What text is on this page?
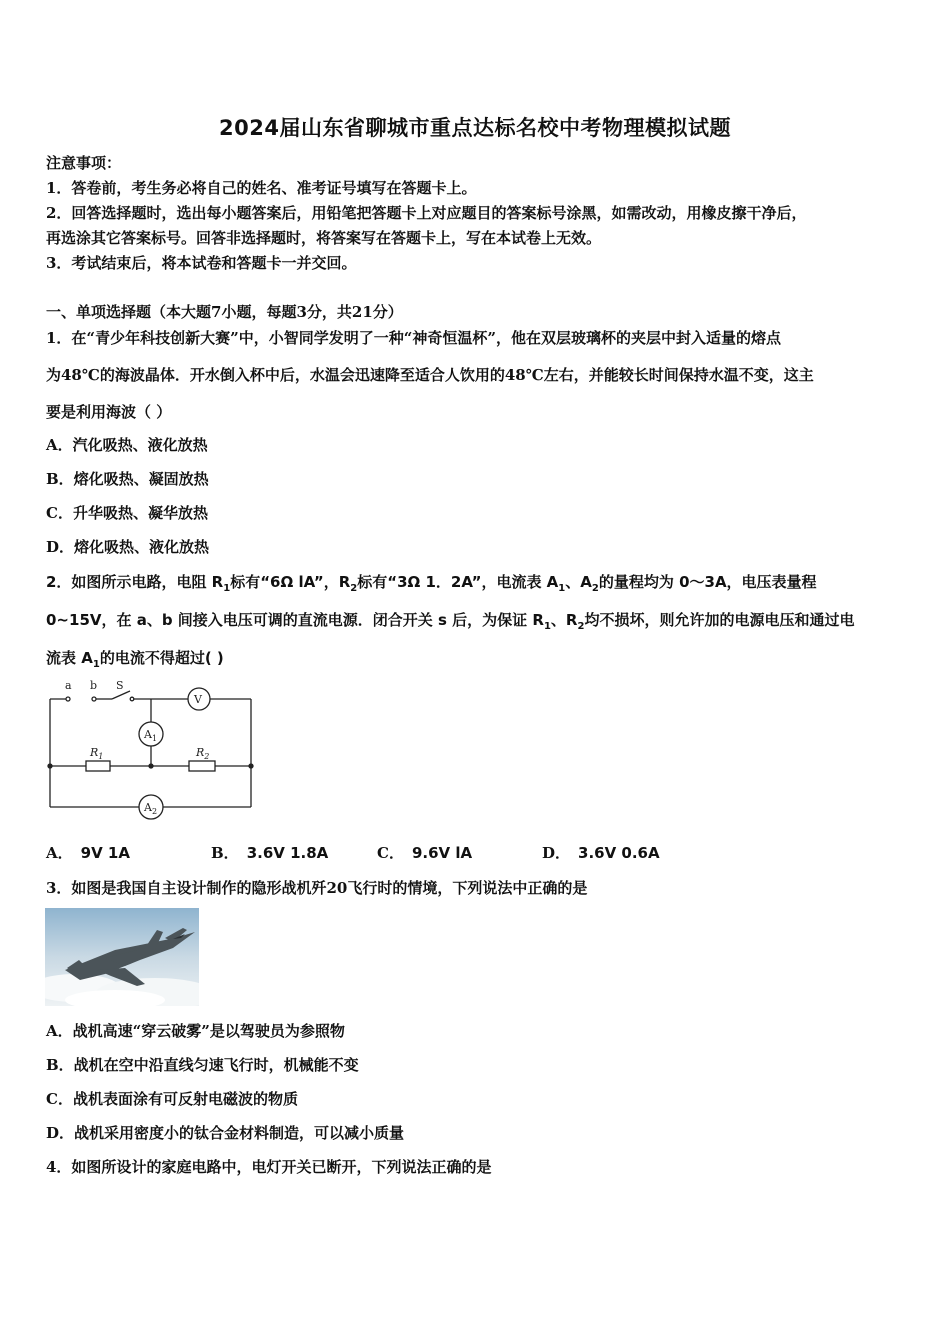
2024届山东省聊城市重点达标名校中考物理模拟试题
注意事项：
1．答卷前，考生务必将自己的姓名、准考证号填写在答题卡上。
2．回答选择题时，选出每小题答案后，用铅笔把答题卡上对应题目的答案标号涂黑，如需改动，用橡皮擦干净后，
再选涂其它答案标号。回答非选择题时，将答案写在答题卡上，写在本试卷上无效。
3．考试结束后，将本试卷和答题卡一并交回。
一、单项选择题（本大题7小题，每题3分，共21分）
1．在“青少年科技创新大赛”中，小智同学发明了一种“神奇恒温杯”，他在双层玻璃杯的夹层中封入适量的熔点
为48℃的海波晶体．开水倒入杯中后，水温会迅速降至适合人饮用的48℃左右，并能较长时间保持水温不变，这主
要是利用海波（ ）
A．汽化吸热、液化放热
B．熔化吸热、凝固放热
C．升华吸热、凝华放热
D．熔化吸热、液化放热
2．如图所示电路，电阻 $R_1$标有“6Ω lA”，$R_2$标有“3Ω 1．2A”，电流表 $A_1$、$A_2$的量程均为 0～3A，电压表量程
0~15V，在 a、b 间接入电压可调的直流电源．闭合开关 s 后，为保证 $R_1$、$R_2$均不损坏，则允许加的电源电压和通过电
流表 $A_1$的电流不得超过( )
a b S
V
$A_1$
$A_2$
$R_1$	$R_2$
A． 9V 1A	B． 3.6V 1.8A	C． 9.6V lA	D． 3.6V 0.6A
3．如图是我国自主设计制作的隐形战机歼20飞行时的情境，下列说法中正确的是
A．战机高速“穿云破雾”是以驾驶员为参照物
B．战机在空中沿直线匀速飞行时，机械能不变
C．战机表面涂有可反射电磁波的物质
D．战机采用密度小的钛合金材料制造，可以减小质量
4．如图所设计的家庭电路中，电灯开关已断开，下列说法正确的是
